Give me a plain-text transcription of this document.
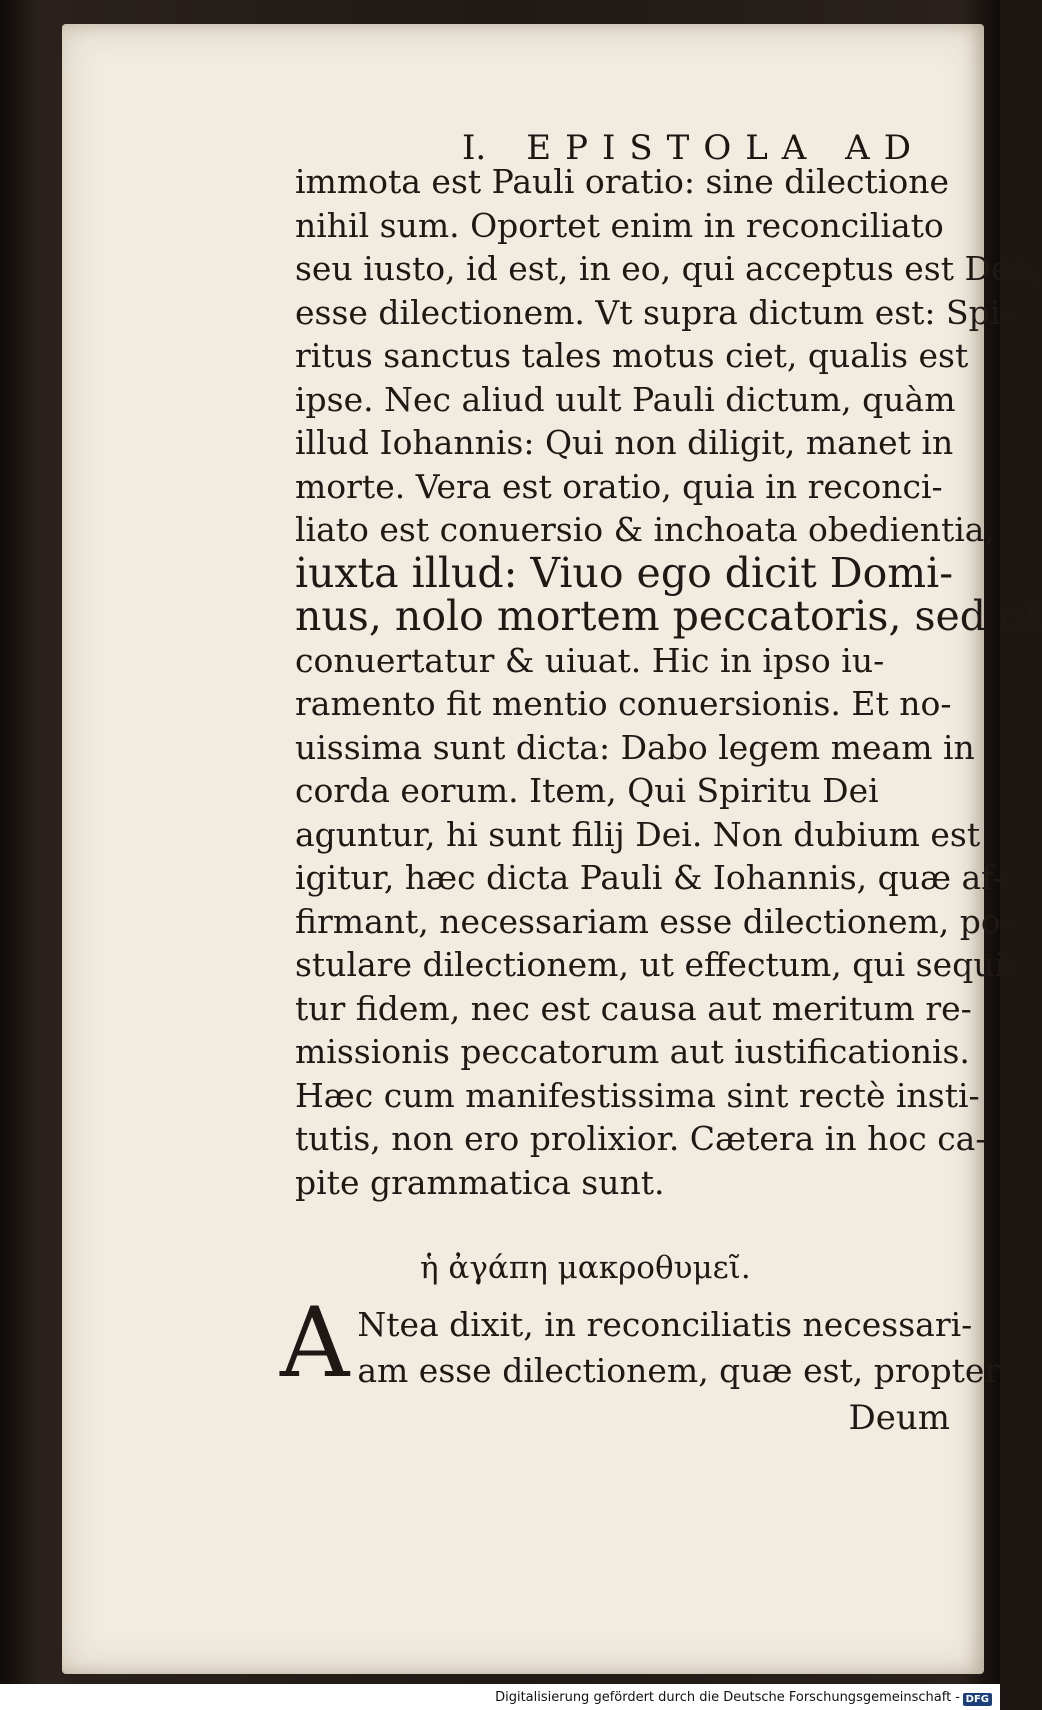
I. EPISTOLA AD
immota est Pauli oratio: sine dilectione
nihil sum. Oportet enim in reconciliato
seu iusto, id est, in eo, qui acceptus est Deo,
esse dilectionem. Vt supra dictum est: Spi-
ritus sanctus tales motus ciet, qualis est
ipse. Nec aliud uult Pauli dictum, quàm
illud Iohannis: Qui non diligit, manet in
morte. Vera est oratio, quia in reconci-
liato est conuersio & inchoata obedientia,
iuxta illud: Viuo ego dicit Domi-
nus, nolo mortem peccatoris, sed ut
conuertatur & uiuat. Hic in ipso iu-
ramento fit mentio conuersionis. Et no-
uissima sunt dicta: Dabo legem meam in
corda eorum. Item, Qui Spiritu Dei
aguntur, hi sunt filij Dei. Non dubium est
igitur, hæc dicta Pauli & Iohannis, quæ af-
firmant, necessariam esse dilectionem, po-
stulare dilectionem, ut effectum, qui sequi-
tur fidem, nec est causa aut meritum re-
missionis peccatorum aut iustificationis.
Hæc cum manifestissima sint rectè insti-
tutis, non ero prolixior. Cætera in hoc ca-
pite grammatica sunt.
ἡ ἀγάπη μακροθυμεῖ.
A Ntea dixit, in reconciliatis necessari-
am esse dilectionem, quæ est, propter
Deum
Digitalisierung gefördert durch die Deutsche Forschungsgemeinschaft - DFG
